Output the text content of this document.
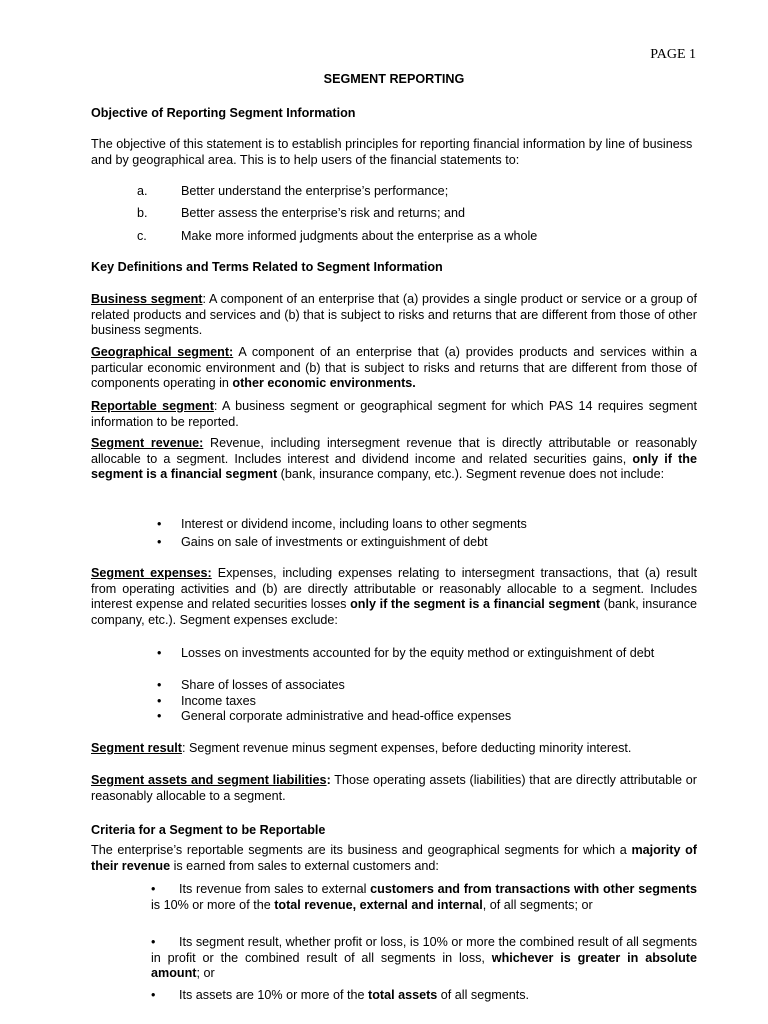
PAGE 1
SEGMENT REPORTING
Objective of Reporting Segment Information
The objective of this statement is to establish principles for reporting financial information by line of business and by geographical area. This is to help users of the financial statements to:
a.	Better understand the enterprise’s performance;
b.	Better assess the enterprise’s risk and returns; and
c.	Make more informed judgments about the enterprise as a whole
Key Definitions and Terms Related to Segment Information
Business segment: A component of an enterprise that (a) provides a single product or service or a group of related products and services and (b) that is subject to risks and returns that are different from those of other business segments.
Geographical segment: A component of an enterprise that (a) provides products and services within a particular economic environment and (b) that is subject to risks and returns that are different from those of components operating in other economic environments.
Reportable segment: A business segment or geographical segment for which PAS 14 requires segment information to be reported.
Segment revenue: Revenue, including intersegment revenue that is directly attributable or reasonably allocable to a segment. Includes interest and dividend income and related securities gains, only if the segment is a financial segment (bank, insurance company, etc.). Segment revenue does not include:
• Interest or dividend income, including loans to other segments
• Gains on sale of investments or extinguishment of debt
Segment expenses: Expenses, including expenses relating to intersegment transactions, that (a) result from operating activities and (b) are directly attributable or reasonably allocable to a segment. Includes interest expense and related securities losses only if the segment is a financial segment (bank, insurance company, etc.). Segment expenses exclude:
• Losses on investments accounted for by the equity method or extinguishment of debt
• Share of losses of associates
• Income taxes
• General corporate administrative and head-office expenses
Segment result: Segment revenue minus segment expenses, before deducting minority interest.
Segment assets and segment liabilities: Those operating assets (liabilities) that are directly attributable or reasonably allocable to a segment.
Criteria for a Segment to be Reportable
The enterprise’s reportable segments are its business and geographical segments for which a majority of their revenue is earned from sales to external customers and:
• Its revenue from sales to external customers and from transactions with other segments is 10% or more of the total revenue, external and internal, of all segments; or
• Its segment result, whether profit or loss, is 10% or more the combined result of all segments in profit or the combined result of all segments in loss, whichever is greater in absolute amount; or
• Its assets are 10% or more of the total assets of all segments.
